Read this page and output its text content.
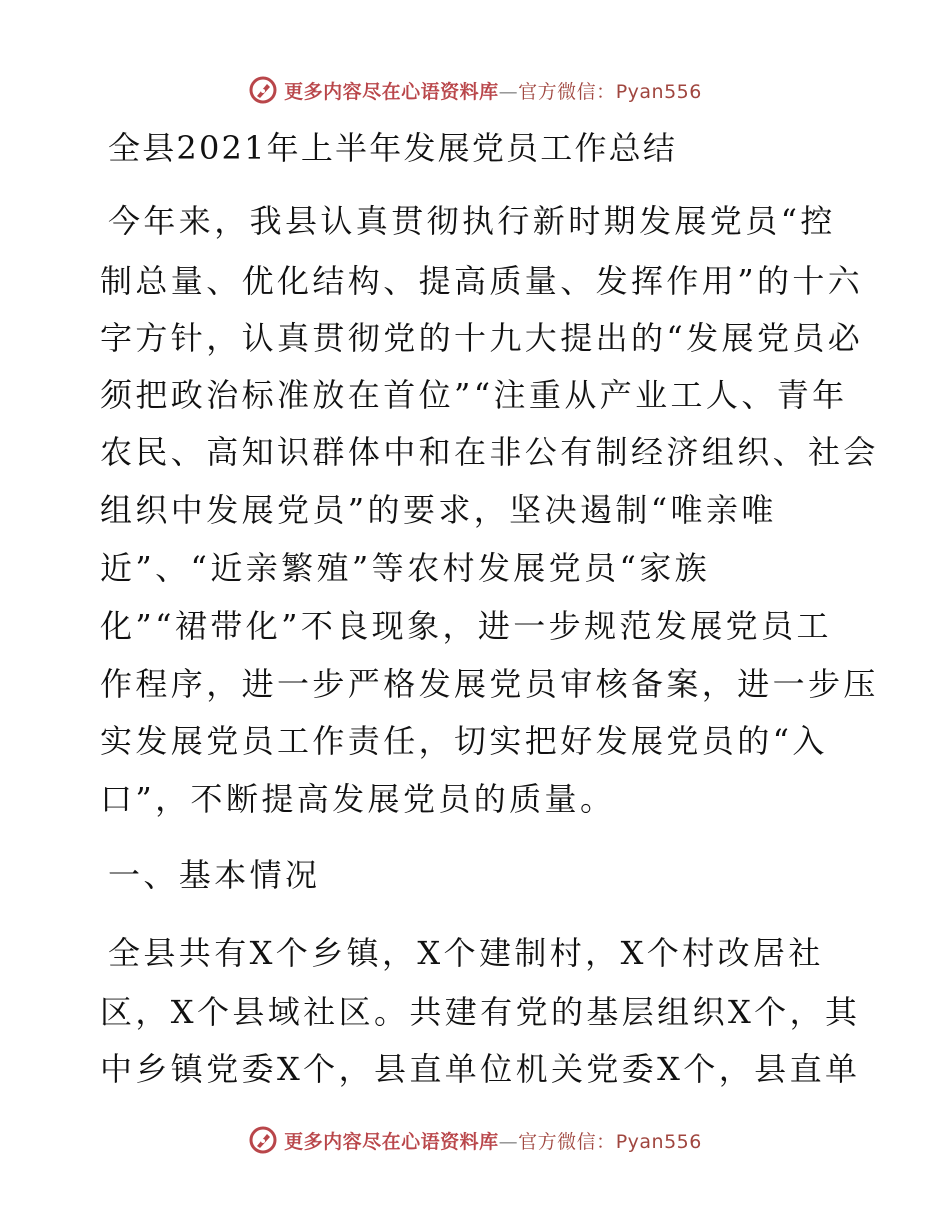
更多内容尽在心语资料库—官方微信：Pyan556
全县2021年上半年发展党员工作总结
今年来，我县认真贯彻执行新时期发展党员“控
制总量、优化结构、提高质量、发挥作用”的十六
字方针，认真贯彻党的十九大提出的“发展党员必
须把政治标准放在首位”“注重从产业工人、青年
农民、高知识群体中和在非公有制经济组织、社会
组织中发展党员”的要求，坚决遏制“唯亲唯
近”、“近亲繁殖”等农村发展党员“家族
化”“裙带化”不良现象，进一步规范发展党员工
作程序，进一步严格发展党员审核备案，进一步压
实发展党员工作责任，切实把好发展党员的“入
口”，不断提高发展党员的质量。
一、基本情况
全县共有X个乡镇，X个建制村，X个村改居社
区，X个县域社区。共建有党的基层组织X个，其
中乡镇党委X个，县直单位机关党委X个，县直单
更多内容尽在心语资料库—官方微信：Pyan556
